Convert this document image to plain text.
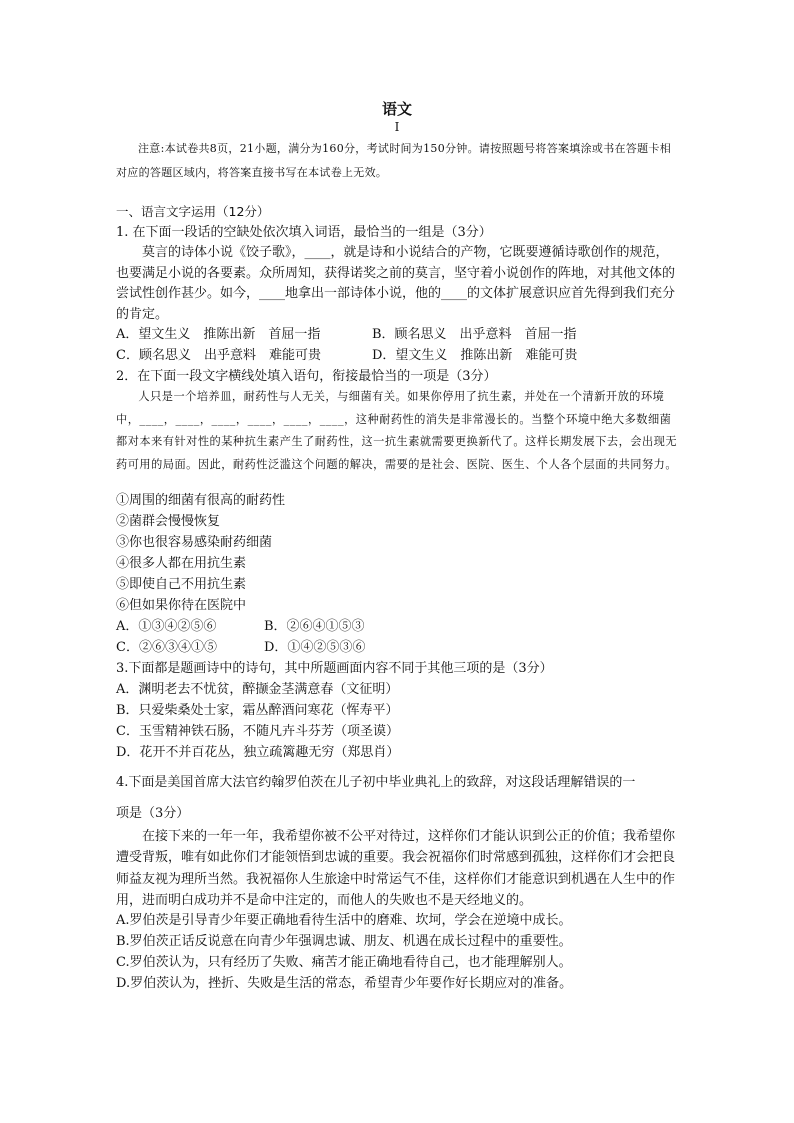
语文
I
注意:本试卷共8页，21小题，满分为160分，考试时间为150分钟。请按照题号将答案填涂或书在答题卡相对应的答题区域内，将答案直接书写在本试卷上无效。
一、语言文字运用（12分）
1. 在下面一段话的空缺处依次填入词语，最恰当的一组是（3分）
莫言的诗体小说《饺子歌》，____，就是诗和小说结合的产物，它既要遵循诗歌创作的规范，也要满足小说的各要素。众所周知，获得诺奖之前的莫言，坚守着小说创作的阵地，对其他文体的尝试性创作甚少。如今，____地拿出一部诗体小说，他的____的文体扩展意识应首先得到我们充分的肯定。
A．望文生义　推陈出新　首屈一指	B．顾名思义　出乎意料　首屈一指
C．顾名思义　出乎意料　难能可贵	D．望文生义　推陈出新　难能可贵
2．在下面一段文字横线处填入语句，衔接最恰当的一项是（3分）
人只是一个培养皿，耐药性与人无关，与细菌有关。如果你停用了抗生素，并处在一个清新开放的环境中，____，____，____，____，____，____，这种耐药性的消失是非常漫长的。当整个环境中绝大多数细菌都对本来有针对性的某种抗生素产生了耐药性，这一抗生素就需要更换新代了。这样长期发展下去，会出现无药可用的局面。因此，耐药性泛滥这个问题的解决，需要的是社会、医院、医生、个人各个层面的共同努力。
①周围的细菌有很高的耐药性
②菌群会慢慢恢复
③你也很容易感染耐药细菌
④很多人都在用抗生素
⑤即使自己不用抗生素
⑥但如果你待在医院中
A．①③④②⑤⑥	B．②⑥④①⑤③
C．②⑥③④①⑤	D．①④②⑤③⑥
3.下面都是题画诗中的诗句，其中所题画面内容不同于其他三项的是（3分）
A．渊明老去不忧贫，醉撷金茎满意春（文征明）
B．只爱柴桑处士家，霜丛醉酒问寒花（恽寿平）
C．玉雪精神铁石肠，不随凡卉斗芬芳（项圣谟）
D．花开不并百花丛，独立疏篱趣无穷（郑思肖）
4.下面是美国首席大法官约翰罗伯茨在儿子初中毕业典礼上的致辞，对这段话理解错误的一
项是（3分）
在接下来的一年一年，我希望你被不公平对待过，这样你们才能认识到公正的价值；我希望你遭受背叛，唯有如此你们才能领悟到忠诚的重要。我会祝福你们时常感到孤独，这样你们才会把良师益友视为理所当然。我祝福你人生旅途中时常运气不佳，这样你们才能意识到机遇在人生中的作用，进而明白成功并不是命中注定的，而他人的失败也不是天经地义的。
A.罗伯茨是引导青少年要正确地看待生活中的磨难、坎坷，学会在逆境中成长。
B.罗伯茨正话反说意在向青少年强调忠诚、朋友、机遇在成长过程中的重要性。
C.罗伯茨认为，只有经历了失败、痛苦才能正确地看待自己，也才能理解别人。
D.罗伯茨认为，挫折、失败是生活的常态，希望青少年要作好长期应对的准备。
